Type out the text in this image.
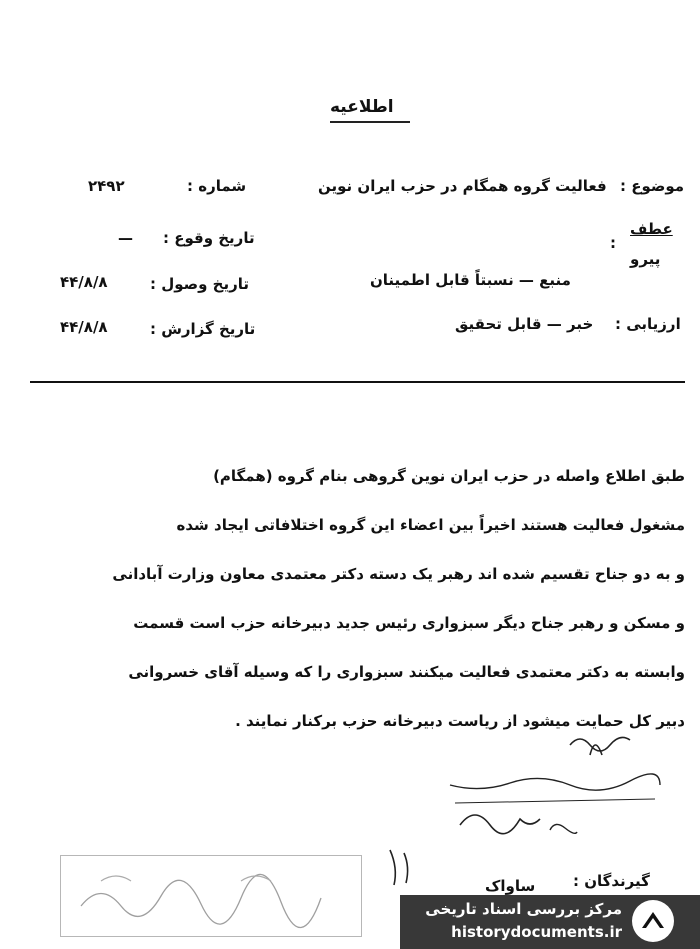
اطلاعیه
موضوع :
فعالیت گروه همگام در حزب ایران نوین
عطف
:
پیرو
منبع — نسبتاً قابل اطمینان
ارزیابی :
خبر — قابل تحقیق
شماره :
۲۴۹۲
تاریخ وقوع :
—
تاریخ وصول :
۴۴/۸/۸
تاریخ گزارش :
۴۴/۸/۸
طبق اطلاع واصله در حزب ایران نوین گروهی بنام گروه (همگام)
مشغول فعالیت هستند اخیراً بین اعضاء این گروه اختلافاتی ایجاد شده
و به دو جناح تقسیم شده اند رهبر یک دسته دکتر معتمدی معاون وزارت آبادانی
و مسکن و رهبر جناح دیگر سبزواری رئیس جدید دبیرخانه حزب است قسمت
وابسته به دکتر معتمدی فعالیت میکنند سبزواری را که وسیله آقای خسروانی
دبیر کل حمایت میشود از ریاست دبیرخانه حزب برکنار نمایند .
گیرندگان :
ساواک
مرکز بررسی اسناد تاریخی
historydocuments.ir
